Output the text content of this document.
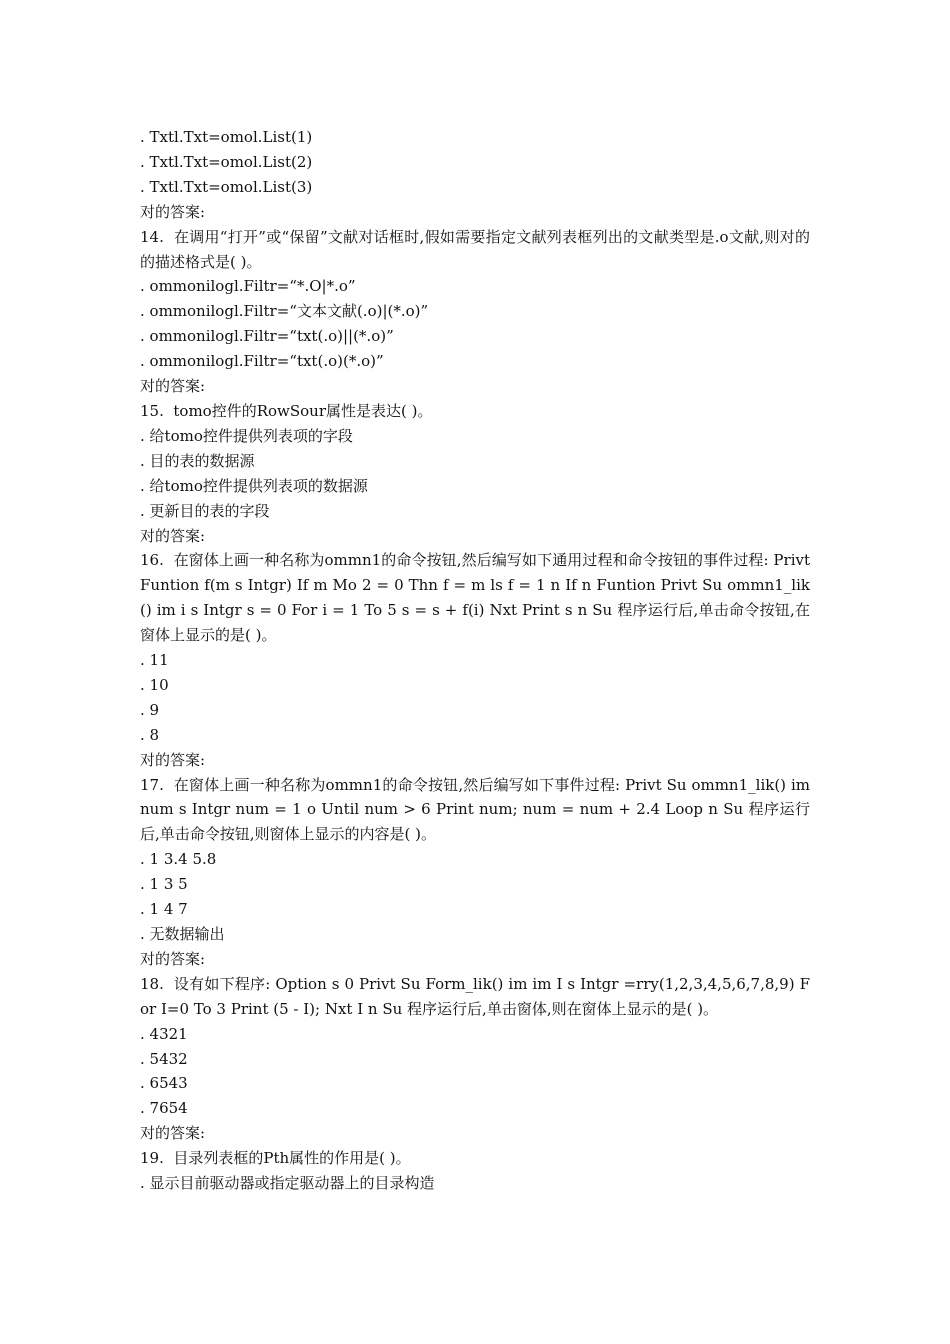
. Txtl.Txt=omol.List(1)
. Txtl.Txt=omol.List(2)
. Txtl.Txt=omol.List(3)
对的答案:
14.  在调用“打开”或“保留”文献对话框时,假如需要指定文献列表框列出的文献类型是.o文献,则对的的描述格式是( )。
. ommonilogl.Filtr=“*.O|*.o”
. ommonilogl.Filtr=“文本文献(.o)|(*.o)”
. ommonilogl.Filtr=“txt(.o)||(*.o)”
. ommonilogl.Filtr=“txt(.o)(*.o)”
对的答案:
15.  tomo控件的RowSour属性是表达( )。
. 给tomo控件提供列表项的字段
. 目的表的数据源
. 给tomo控件提供列表项的数据源
. 更新目的表的字段
对的答案:
16.  在窗体上画一种名称为ommn1的命令按钮,然后编写如下通用过程和命令按钮的事件过程: Privt Funtion f(m s Intgr) If m Mo 2 = 0 Thn f = m ls f = 1 n If n Funtion Privt Su ommn1_lik() im i s Intgr s = 0 For i = 1 To 5 s = s + f(i) Nxt Print s n Su 程序运行后,单击命令按钮,在窗体上显示的是( )。
. 11
. 10
. 9
. 8
对的答案:
17.  在窗体上画一种名称为ommn1的命令按钮,然后编写如下事件过程: Privt Su ommn1_lik() im num s Intgr num = 1 o Until num > 6 Print num; num = num + 2.4 Loop n Su 程序运行后,单击命令按钮,则窗体上显示的内容是( )。
. 1 3.4 5.8
. 1 3 5
. 1 4 7
. 无数据输出
对的答案:
18.  设有如下程序: Option s 0 Privt Su Form_lik() im im I s Intgr =rry(1,2,3,4,5,6,7,8,9) For I=0 To 3 Print (5 - I); Nxt I n Su 程序运行后,单击窗体,则在窗体上显示的是( )。
. 4321
. 5432
. 6543
. 7654
对的答案:
19.  目录列表框的Pth属性的作用是( )。
. 显示目前驱动器或指定驱动器上的目录构造
